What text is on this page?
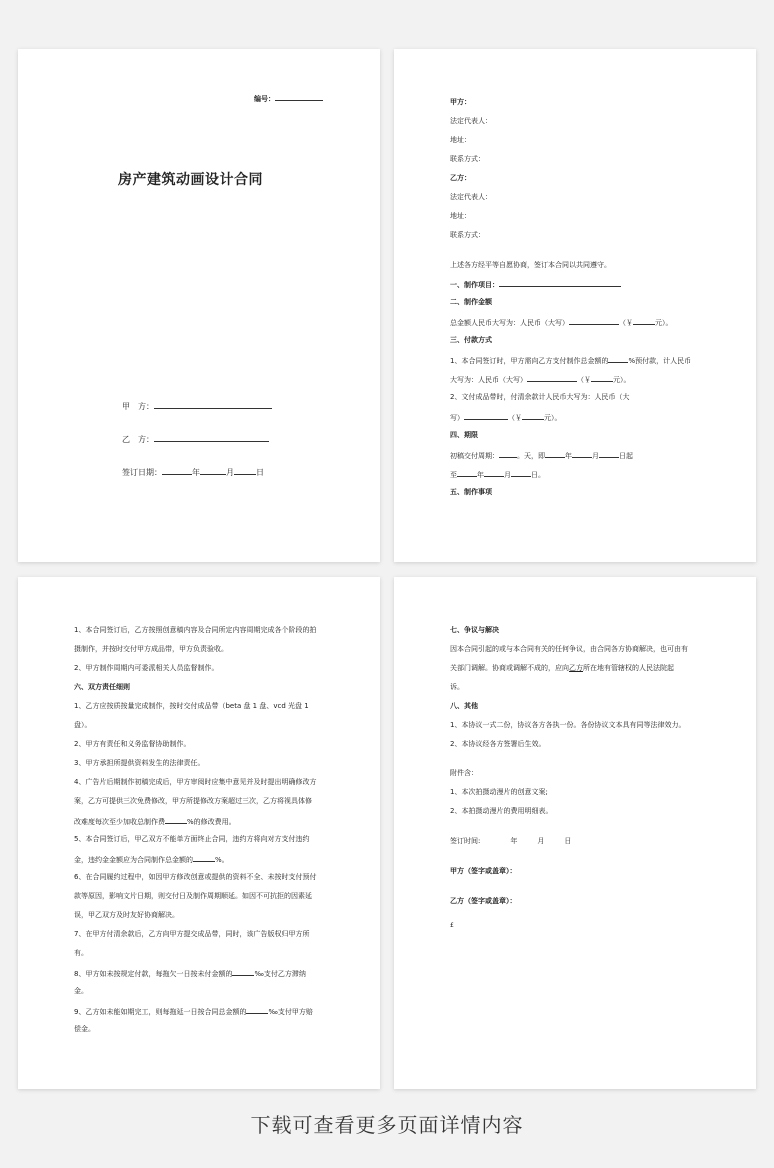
编号：
房产建筑动画设计合同
甲　方：
乙　方：
签订日期：	年	月	日
甲方：
法定代表人：
地址：
联系方式：
乙方：
法定代表人：
地址：
联系方式：
上述各方经平等自愿协商，签订本合同以共同遵守。
一、制作项目：
二、制作金额
总金额人民币大写为：人民币（大写）	（￥	元）。
三、付款方式
1、本合同签订时，甲方需向乙方支付制作总金额的	%预付款，计人民币
大写为：人民币（大写）	（￥	元）。
2、文付成品带时，付清余款计人民币大写为：人民币（大
写）	（￥	元）。
四、期限
初稿交付周期：	。天，即	年	月	日起
至	年	月	日。
五、制作事项
1、本合同签订后，乙方按照创意稿内容及合同所定内容周期完成各个阶段的拍
摄制作，并按时交付甲方成品带，甲方负责验收。
2、甲方制作周期内可委派相关人员监督制作。
六、双方责任细则
1、乙方应按质按量完成制作，按时交付成品带（beta 盘 1 盘、vcd 光盘 1
盘）。
2、甲方有责任和义务监督协助制作。
3、甲方承担所提供资料发生的法律责任。
4、广告片后期制作初稿完成后，甲方审阅时应集中意见并及时提出明确修改方
案，乙方可提供三次免费修改，甲方所提修改方案超过三次，乙方将视具体修
改难度每次至少加收总制作费	%的修改费用。
5、本合同签订后，甲乙双方不能单方面终止合同，违约方将向对方支付违约
金，违约金金额应为合同制作总金额的	%。
6、在合同履约过程中，如因甲方修改创意或提供的资料不全、未按时支付预付
款等原因，影响文片日期，则交付日及制作周期顺延。如因不可抗拒的因素延
误，甲乙双方及时友好协商解决。
7、在甲方付清余款后，乙方向甲方提交成品带，同时，该广告版权归甲方所
有。
8、甲方如未按规定付款，每拖欠一日按未付金额的	‰支付乙方滞纳
金。
9、乙方如未能如期完工，则每拖延一日按合同总金额的	‰支付甲方赔
偿金。
七、争议与解决
因本合同引起的或与本合同有关的任何争议，由合同各方协商解决，也可由有
关部门调解。协商或调解不成的，应向乙方所在地有管辖权的人民法院起
诉。
八、其他
1、本协议一式二份，协议各方各执一份。各份协议文本具有同等法律效力。
2、本协议经各方签署后生效。
附件含：
1、本次拍摄动漫片的创意文案;
2、本拍摄动漫片的费用明细表。
签订时间:	年	月	日
甲方（签字或盖章）：
乙方（签字或盖章）：
£
下载可查看更多页面详情内容
